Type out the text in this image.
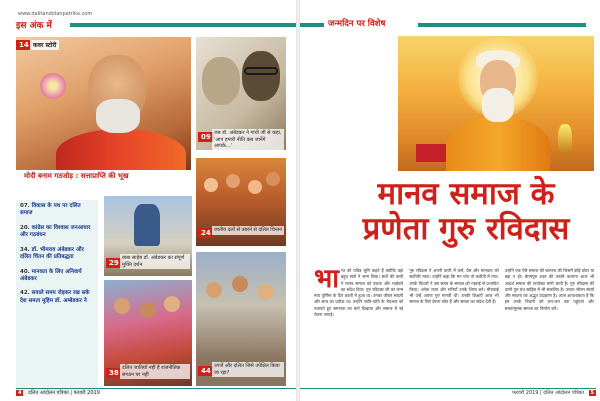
www.dalitandolanpatrika.com
इस अंक में
14 कवर स्टोरी
मोदी बनाम गठजोड़ : सत्ताप्राप्ति की भूख
09 जब डॉ. अंबेडकर ने गांधी जी से कहा, 'आप हमारी नीति कब जानेंगे आपके...'
07. विकास के पथ पर दलित समाज
20. कांग्रेस का विश्वास जनआधार और गठबंधन
34. डॉ. भीमराव अंबेडकर और दलित चिंतन की प्रतिबद्धता
40. मानवता के लिए अनिवार्य अंबेडकर
42. सवाले समय जेड़कर रख सके देश समता मुहिम डॉ. अम्बेडकर ने
24 जातीय दलों से उबरने से दलित चिन्तन
29
बाबा साहेब डॉ. अंबेडकर का संपूर्ण मुक्ति दर्शन
38
दलित जातियाँ नहीं हैं राजनीतिक संगठन पर नहीं	44
उपजें और दलित जिसे उपेक्षित किया जा रहा?
4 दलित आंदोलन पत्रिका | फरवरी 2019
जन्मदिन पर विशेष
मानव समाज के
प्रणेता गुरु रविदास
भा रत को पवित्र भूमि कहते हैं क्योंकि यहां बहुत संतों ने जन्म लिया। संतों की वाणी ने मानव समाज को एकता और भाईचारे का संदेश दिया। गुरु रविदास जी का जन्म माघ पूर्णिमा के दिन काशी में हुआ था। उनका जीवन सादगी और सत्य का प्रतीक था। उन्होंने जाति-पांति के भेदभाव को नकारते हुए समानता का मार्ग दिखाया और समाज में नई चेतना जगाई।
गुरु रविदास ने अपनी वाणी में कर्म, प्रेम और मानवता को सर्वोपरि माना। उन्होंने कहा कि मन चंगा तो कठौती में गंगा। उनके विचारों ने उस समय के समाज को गहराई से प्रभावित किया। अनेक राजा और रानियाँ उनके शिष्य बने। मीराबाई भी उन्हें अपना गुरु मानती थीं। उनकी शिक्षाएँ आज भी समाज के लिए प्रेरणा स्रोत हैं और समता का संदेश देती हैं।
उन्होंने एक ऐसे समाज की कल्पना की जिसमें कोई छोटा या बड़ा न हो। बेगमपुरा शहर की उनकी कल्पना आज भी आदर्श समाज की रूपरेखा मानी जाती है। गुरु रविदास की वाणी गुरु ग्रंथ साहिब में भी संकलित है। उनका जीवन संघर्ष और साधना का अद्भुत उदाहरण है। आज आवश्यकता है कि हम उनके विचारों को जन-जन तक पहुंचाएं और समतामूलक समाज का निर्माण करें।
फरवरी 2019 | दलित आंदोलन पत्रिका 5
